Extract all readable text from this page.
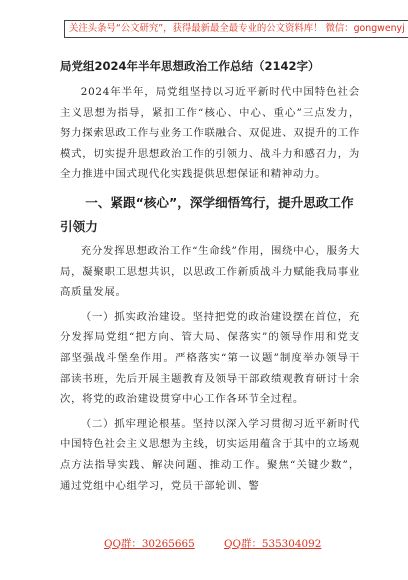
关注头条号“公文研究”，获得最新最全最专业的公文资料库！ 微信：gongwenyj
局党组2024年半年思想政治工作总结（2142字）

2024年半年，局党组坚持以习近平新时代中国特色社会主义思想为指导，紧扣工作“核心、中心、重心”三点发力，努力探索思政工作与业务工作联融合、双促进、双提升的工作模式，切实提升思想政治工作的引领力、战斗力和感召力，为全力推进中国式现代化实践提供思想保证和精神动力。

一、紧跟“核心”，深学细悟笃行，提升思政工作引领力

充分发挥思想政治工作“生命线”作用，围绕中心，服务大局，凝聚职工思想共识，以思政工作新质战斗力赋能我局事业高质量发展。

（一）抓实政治建设。坚持把党的政治建设摆在首位，充分发挥局党组“把方向、管大局、保落实”的领导作用和党支部坚强战斗堡垒作用。严格落实“第一议题”制度举办领导干部读书班，先后开展主题教育及领导干部政绩观教育研讨十余次，将党的政治建设贯穿中心工作各环节全过程。

（二）抓牢理论根基。坚持以深入学习贯彻习近平新时代中国特色社会主义思想为主线，切实运用蕴含于其中的立场观点方法指导实践、解决问题、推动工作。聚焦“关键少数”，通过党组中心组学习，党员干部轮训、警

QQ群：30265665	QQ群：535304092
